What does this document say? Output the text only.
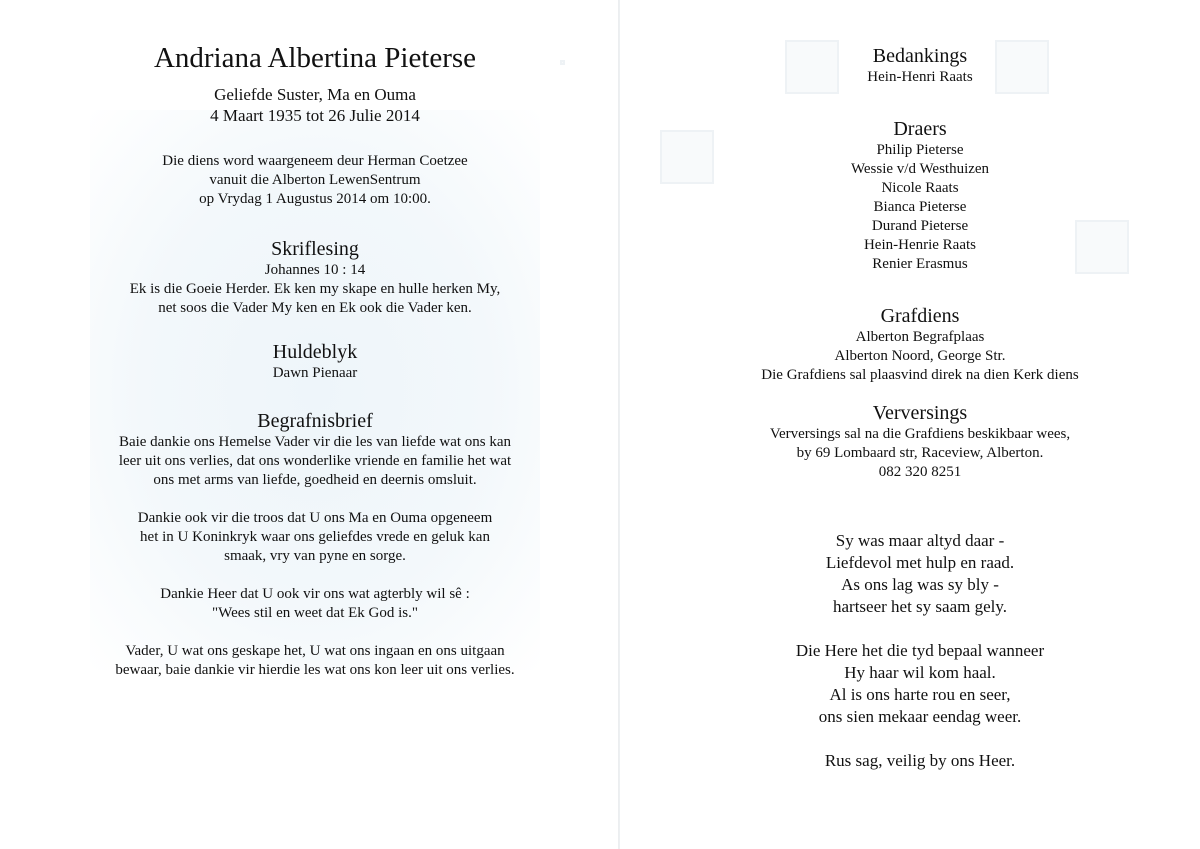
Andriana Albertina Pieterse

Geliefde Suster, Ma en Ouma

4 Maart 1935 tot 26 Julie 2014

Die diens word waargeneem deur Herman Coetzee

vanuit die Alberton LewenSentrum

op Vrydag 1 Augustus 2014 om 10:00.

Skriflesing

Johannes 10 : 14

Ek is die Goeie Herder. Ek ken my skape en hulle herken My,

net soos die Vader My ken en Ek ook die Vader ken.

Huldeblyk

Dawn Pienaar

Begrafnisbrief

Baie dankie ons Hemelse Vader vir die les van liefde wat ons kan

leer uit ons verlies, dat ons wonderlike vriende en familie het wat

ons met arms van liefde, goedheid en deernis omsluit.

Dankie ook vir die troos dat U ons Ma en Ouma opgeneem

het in U Koninkryk waar ons geliefdes vrede en geluk kan

smaak, vry van pyne en sorge.

Dankie Heer dat U ook vir ons wat agterbly wil sê :

"Wees stil en weet dat Ek God is."

Vader, U wat ons geskape het, U wat ons ingaan en ons uitgaan

bewaar, baie dankie vir hierdie les wat ons kon leer uit ons verlies.

Bedankings

Hein-Henri Raats

Draers

Philip Pieterse

Wessie v/d Westhuizen

Nicole Raats

Bianca Pieterse

Durand Pieterse

Hein-Henrie Raats

Renier Erasmus

Grafdiens

Alberton Begrafplaas

Alberton Noord, George Str.

Die Grafdiens sal plaasvind direk na dien Kerk diens

Verversings

Verversings sal na die Grafdiens beskikbaar wees,

by 69 Lombaard str, Raceview, Alberton.

082 320 8251

Sy was maar altyd daar -

Liefdevol met hulp en raad.

As ons lag was sy bly -

hartseer het sy saam gely.

Die Here het die tyd bepaal wanneer

Hy haar wil kom haal.

Al is ons harte rou en seer,

ons sien mekaar eendag weer.

Rus sag, veilig by ons Heer.
